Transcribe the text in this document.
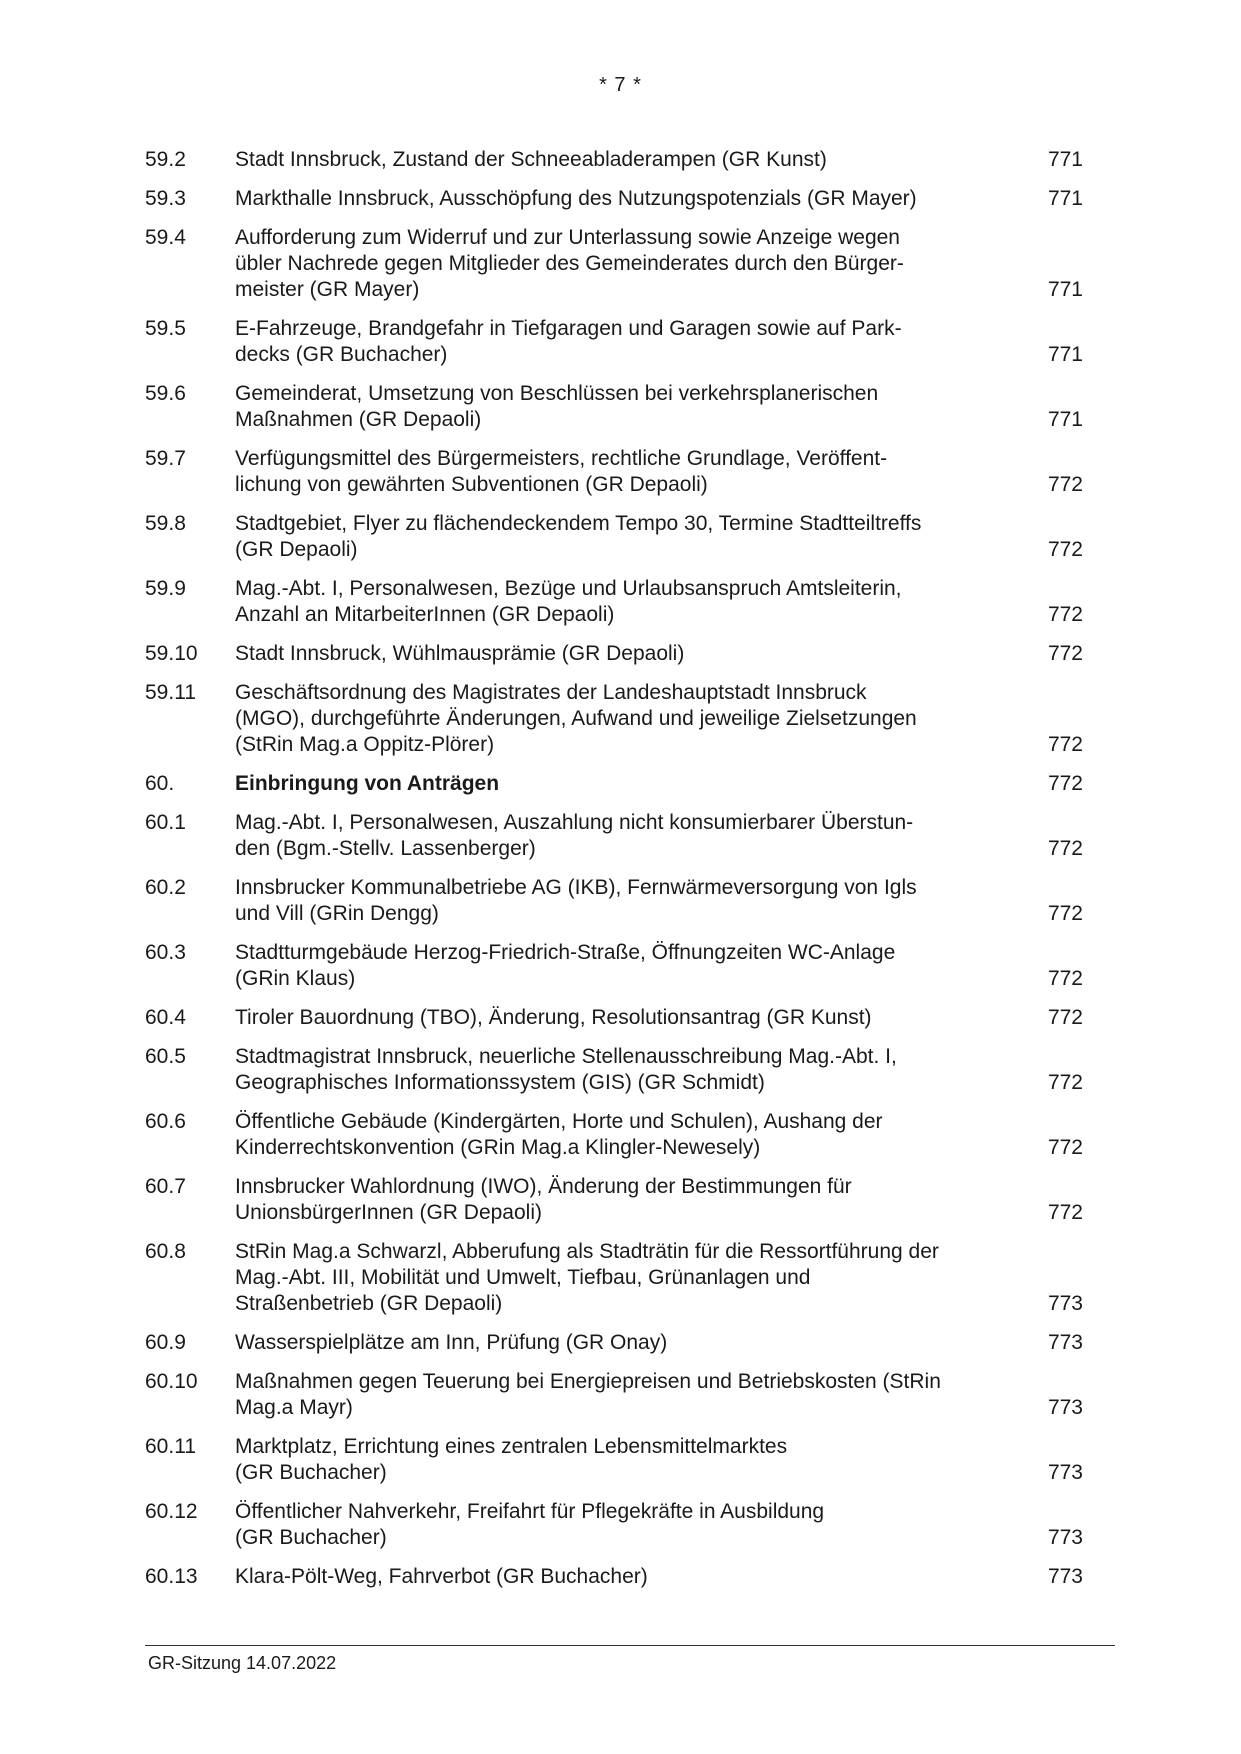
* 7 *
59.2	Stadt Innsbruck, Zustand der Schneeabladerampen (GR Kunst)	771
59.3	Markthalle Innsbruck, Ausschöpfung des Nutzungspotenzials (GR Mayer)	771
59.4	Aufforderung zum Widerruf und zur Unterlassung sowie Anzeige wegen
übler Nachrede gegen Mitglieder des Gemeinderates durch den Bürger-
meister (GR Mayer)	771
59.5	E-Fahrzeuge, Brandgefahr in Tiefgaragen und Garagen sowie auf Park-
decks (GR Buchacher)	771
59.6	Gemeinderat, Umsetzung von Beschlüssen bei verkehrsplanerischen
Maßnahmen (GR Depaoli)	771
59.7	Verfügungsmittel des Bürgermeisters, rechtliche Grundlage, Veröffent-
lichung von gewährten Subventionen (GR Depaoli)	772
59.8	Stadtgebiet, Flyer zu flächendeckendem Tempo 30, Termine Stadtteiltreffs
(GR Depaoli)	772
59.9	Mag.-Abt. I, Personalwesen, Bezüge und Urlaubsanspruch Amtsleiterin,
Anzahl an MitarbeiterInnen (GR Depaoli)	772
59.10	Stadt Innsbruck, Wühlmausprämie (GR Depaoli)	772
59.11	Geschäftsordnung des Magistrates der Landeshauptstadt Innsbruck
(MGO), durchgeführte Änderungen, Aufwand und jeweilige Zielsetzungen
(StRin Mag.a Oppitz-Plörer)	772
60.	Einbringung von Anträgen	772
60.1	Mag.-Abt. I, Personalwesen, Auszahlung nicht konsumierbarer Überstun-
den (Bgm.-Stellv. Lassenberger)	772
60.2	Innsbrucker Kommunalbetriebe AG (IKB), Fernwärmeversorgung von Igls
und Vill (GRin Dengg)	772
60.3	Stadtturmgebäude Herzog-Friedrich-Straße, Öffnungzeiten WC-Anlage
(GRin Klaus)	772
60.4	Tiroler Bauordnung (TBO), Änderung, Resolutionsantrag (GR Kunst)	772
60.5	Stadtmagistrat Innsbruck, neuerliche Stellenausschreibung Mag.-Abt. I,
Geographisches Informationssystem (GIS) (GR Schmidt)	772
60.6	Öffentliche Gebäude (Kindergärten, Horte und Schulen), Aushang der
Kinderrechtskonvention (GRin Mag.a Klingler-Newesely)	772
60.7	Innsbrucker Wahlordnung (IWO), Änderung der Bestimmungen für
UnionsbürgerInnen (GR Depaoli)	772
60.8	StRin Mag.a Schwarzl, Abberufung als Stadträtin für die Ressortführung der
Mag.-Abt. III, Mobilität und Umwelt, Tiefbau, Grünanlagen und
Straßenbetrieb (GR Depaoli)	773
60.9	Wasserspielplätze am Inn, Prüfung (GR Onay)	773
60.10	Maßnahmen gegen Teuerung bei Energiepreisen und Betriebskosten (StRin
Mag.a Mayr)	773
60.11	Marktplatz, Errichtung eines zentralen Lebensmittelmarktes
(GR Buchacher)	773
60.12	Öffentlicher Nahverkehr, Freifahrt für Pflegekräfte in Ausbildung
(GR Buchacher)	773
60.13	Klara-Pölt-Weg, Fahrverbot (GR Buchacher)	773
GR-Sitzung 14.07.2022
